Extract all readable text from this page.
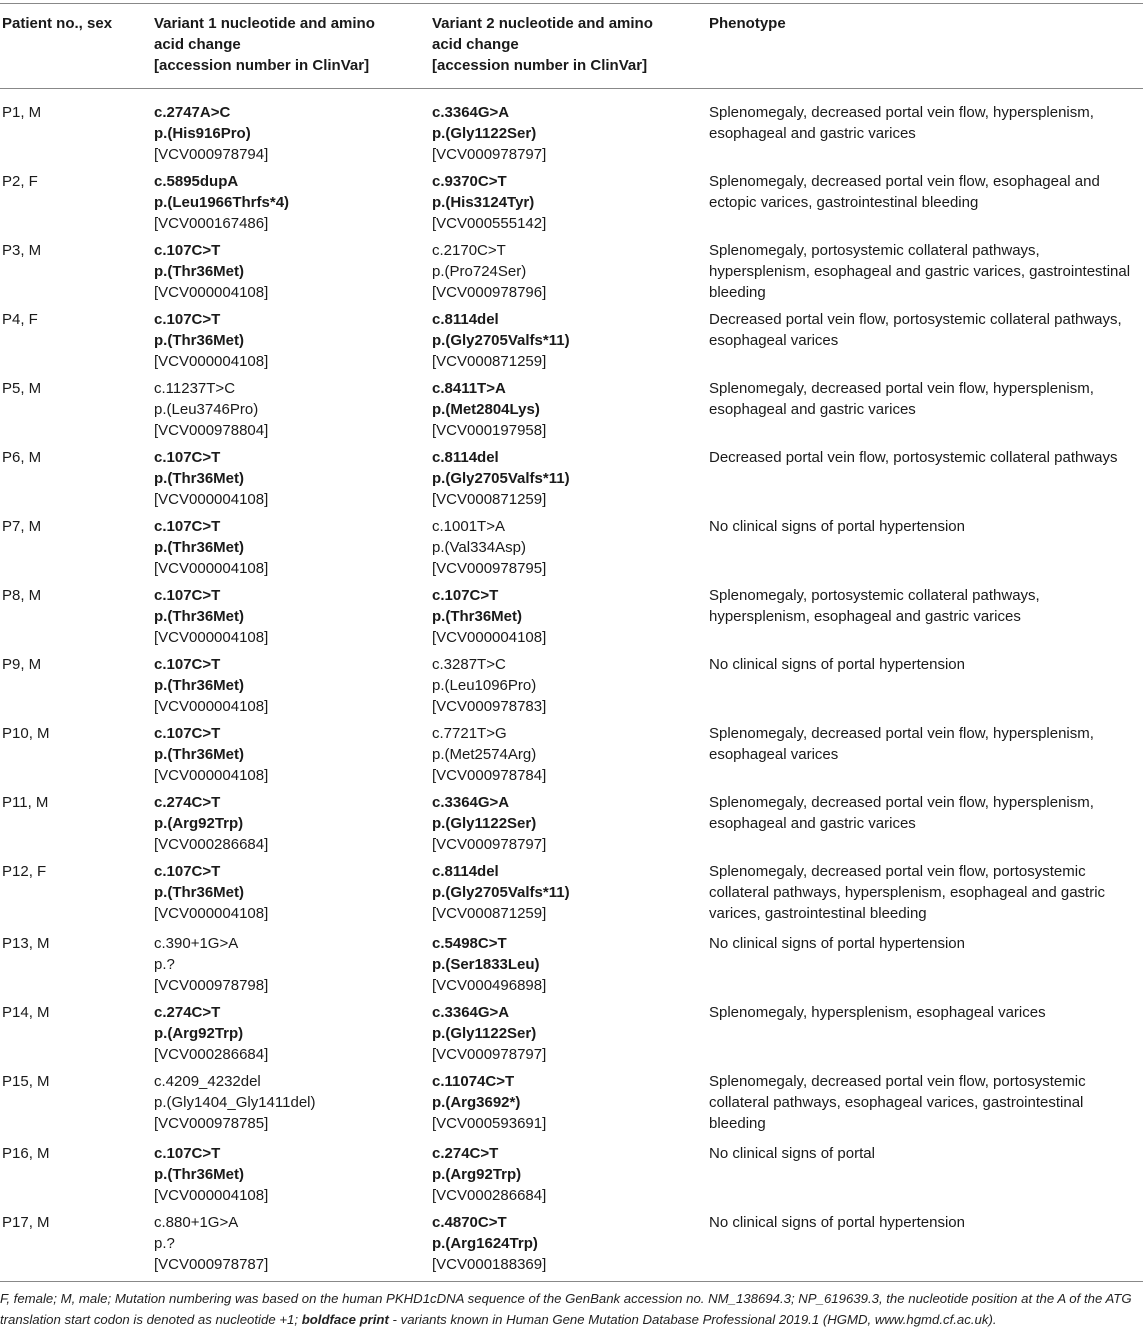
Patient no., sex	Variant 1 nucleotide and amino
acid change
[accession number in ClinVar]	Variant 2 nucleotide and amino
acid change
[accession number in ClinVar]	Phenotype
P1, M	c.2747A>C
p.(His916Pro)
[VCV000978794]	c.3364G>A
p.(Gly1122Ser)
[VCV000978797]	Splenomegaly, decreased portal vein flow, hypersplenism, esophageal and gastric varices
P2, F	c.5895dupA
p.(Leu1966Thrfs*4)
[VCV000167486]	c.9370C>T
p.(His3124Tyr)
[VCV000555142]	Splenomegaly, decreased portal vein flow, esophageal and ectopic varices, gastrointestinal bleeding
P3, M	c.107C>T
p.(Thr36Met)
[VCV000004108]	c.2170C>T
p.(Pro724Ser)
[VCV000978796]	Splenomegaly, portosystemic collateral pathways, hypersplenism, esophageal and gastric varices, gastrointestinal bleeding
P4, F	c.107C>T
p.(Thr36Met)
[VCV000004108]	c.8114del
p.(Gly2705Valfs*11)
[VCV000871259]	Decreased portal vein flow, portosystemic collateral pathways, esophageal varices
P5, M	c.11237T>C
p.(Leu3746Pro)
[VCV000978804]	c.8411T>A
p.(Met2804Lys)
[VCV000197958]	Splenomegaly, decreased portal vein flow, hypersplenism, esophageal and gastric varices
P6, M	c.107C>T
p.(Thr36Met)
[VCV000004108]	c.8114del
p.(Gly2705Valfs*11)
[VCV000871259]	Decreased portal vein flow, portosystemic collateral pathways
P7, M	c.107C>T
p.(Thr36Met)
[VCV000004108]	c.1001T>A
p.(Val334Asp)
[VCV000978795]	No clinical signs of portal hypertension
P8, M	c.107C>T
p.(Thr36Met)
[VCV000004108]	c.107C>T
p.(Thr36Met)
[VCV000004108]	Splenomegaly, portosystemic collateral pathways, hypersplenism, esophageal and gastric varices
P9, M	c.107C>T
p.(Thr36Met)
[VCV000004108]	c.3287T>C
p.(Leu1096Pro)
[VCV000978783]	No clinical signs of portal hypertension
P10, M	c.107C>T
p.(Thr36Met)
[VCV000004108]	c.7721T>G
p.(Met2574Arg)
[VCV000978784]	Splenomegaly, decreased portal vein flow, hypersplenism, esophageal varices
P11, M	c.274C>T
p.(Arg92Trp)
[VCV000286684]	c.3364G>A
p.(Gly1122Ser)
[VCV000978797]	Splenomegaly, decreased portal vein flow, hypersplenism, esophageal and gastric varices
P12, F	c.107C>T
p.(Thr36Met)
[VCV000004108]	c.8114del
p.(Gly2705Valfs*11)
[VCV000871259]	Splenomegaly, decreased portal vein flow, portosystemic collateral pathways, hypersplenism, esophageal and gastric varices, gastrointestinal bleeding
P13, M	c.390+1G>A
p.?
[VCV000978798]	c.5498C>T
p.(Ser1833Leu)
[VCV000496898]	No clinical signs of portal hypertension
P14, M	c.274C>T
p.(Arg92Trp)
[VCV000286684]	c.3364G>A
p.(Gly1122Ser)
[VCV000978797]	Splenomegaly, hypersplenism, esophageal varices
P15, M	c.4209_4232del
p.(Gly1404_Gly1411del)
[VCV000978785]	c.11074C>T
p.(Arg3692*)
[VCV000593691]	Splenomegaly, decreased portal vein flow, portosystemic collateral pathways, esophageal varices, gastrointestinal bleeding
P16, M	c.107C>T
p.(Thr36Met)
[VCV000004108]	c.274C>T
p.(Arg92Trp)
[VCV000286684]	No clinical signs of portal
P17, M	c.880+1G>A
p.?
[VCV000978787]	c.4870C>T
p.(Arg1624Trp)
[VCV000188369]	No clinical signs of portal hypertension
F, female; M, male; Mutation numbering was based on the human PKHD1cDNA sequence of the GenBank accession no. NM_138694.3; NP_619639.3, the nucleotide position at the A of the ATG translation start codon is denoted as nucleotide +1; boldface print - variants known in Human Gene Mutation Database Professional 2019.1 (HGMD, www.hgmd.cf.ac.uk).
